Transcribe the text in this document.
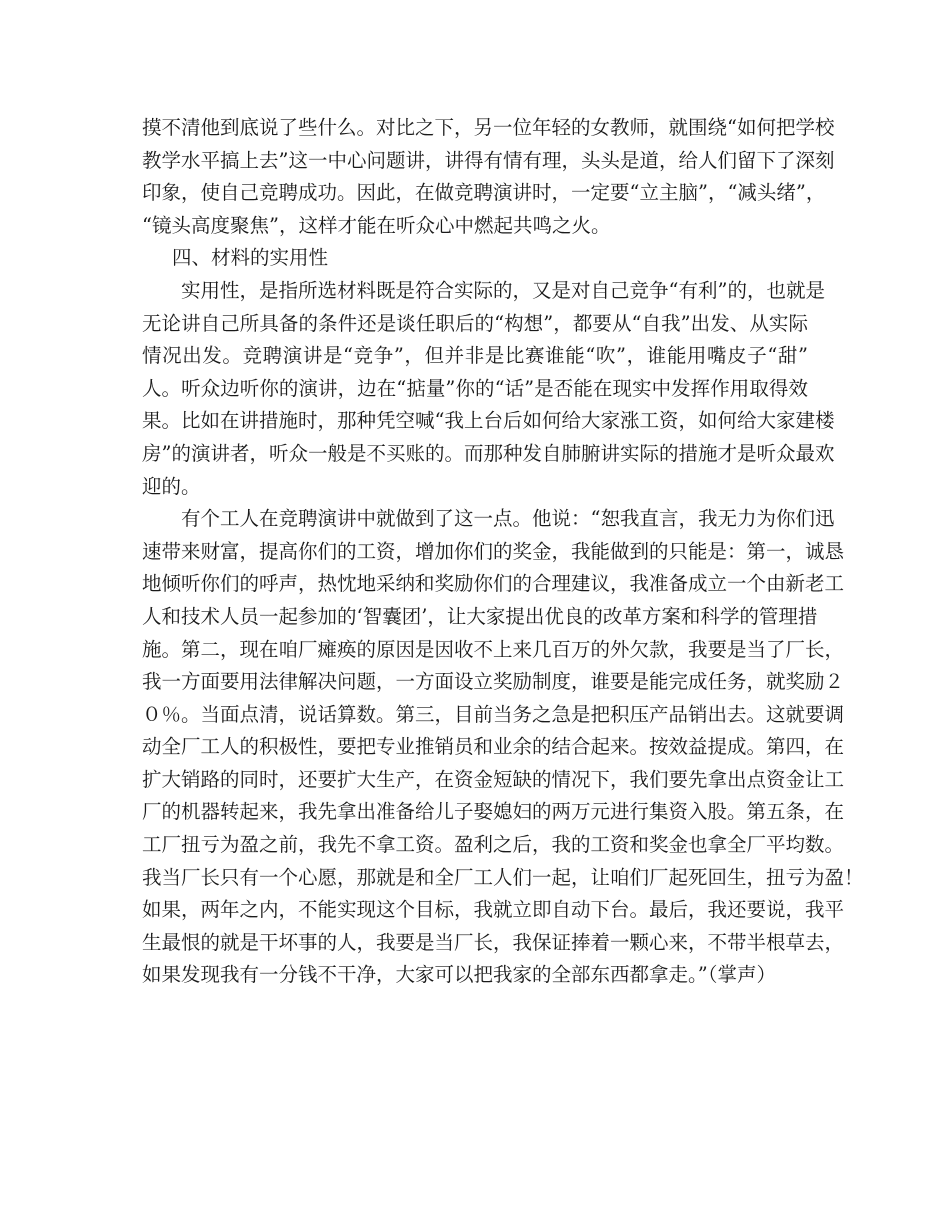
摸不清他到底说了些什么。对比之下，另一位年轻的女教师，就围绕“如何把学校
教学水平搞上去”这一中心问题讲，讲得有情有理，头头是道，给人们留下了深刻
印象，使自己竞聘成功。因此，在做竞聘演讲时，一定要“立主脑”，“减头绪”，
“镜头高度聚焦”，这样才能在听众心中燃起共鸣之火。
四、材料的实用性
实用性，是指所选材料既是符合实际的，又是对自己竞争“有利”的，也就是
无论讲自己所具备的条件还是谈任职后的“构想”，都要从“自我”出发、从实际
情况出发。竞聘演讲是“竞争”，但并非是比赛谁能“吹”，谁能用嘴皮子“甜”
人。听众边听你的演讲，边在“掂量”你的“话”是否能在现实中发挥作用取得效
果。比如在讲措施时，那种凭空喊“我上台后如何给大家涨工资，如何给大家建楼
房”的演讲者，听众一般是不买账的。而那种发自肺腑讲实际的措施才是听众最欢
迎的。
有个工人在竞聘演讲中就做到了这一点。他说：“恕我直言，我无力为你们迅
速带来财富，提高你们的工资，增加你们的奖金，我能做到的只能是：第一，诚恳
地倾听你们的呼声，热忱地采纳和奖励你们的合理建议，我准备成立一个由新老工
人和技术人员一起参加的‘智囊团’，让大家提出优良的改革方案和科学的管理措
施。第二，现在咱厂瘫痪的原因是因收不上来几百万的外欠款，我要是当了厂长，
我一方面要用法律解决问题，一方面设立奖励制度，谁要是能完成任务，就奖励２
０％。当面点清，说话算数。第三，目前当务之急是把积压产品销出去。这就要调
动全厂工人的积极性，要把专业推销员和业余的结合起来。按效益提成。第四，在
扩大销路的同时，还要扩大生产，在资金短缺的情况下，我们要先拿出点资金让工
厂的机器转起来，我先拿出准备给儿子娶媳妇的两万元进行集资入股。第五条，在
工厂扭亏为盈之前，我先不拿工资。盈利之后，我的工资和奖金也拿全厂平均数。
我当厂长只有一个心愿，那就是和全厂工人们一起，让咱们厂起死回生，扭亏为盈！
如果，两年之内，不能实现这个目标，我就立即自动下台。最后，我还要说，我平
生最恨的就是干坏事的人，我要是当厂长，我保证捧着一颗心来，不带半根草去，
如果发现我有一分钱不干净，大家可以把我家的全部东西都拿走。”（掌声）
